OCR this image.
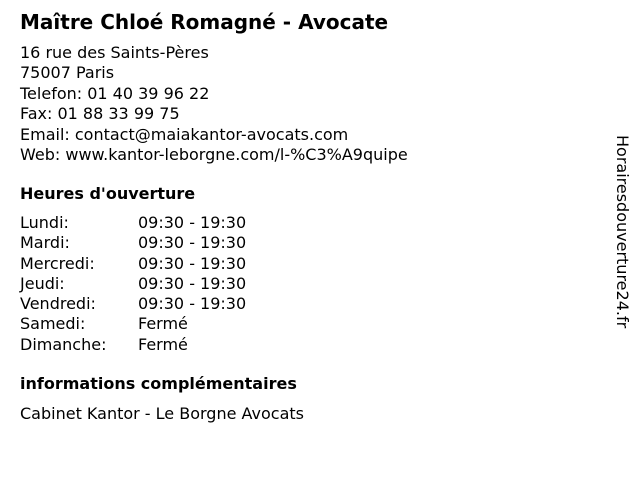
Maître Chloé Romagné - Avocate
16 rue des Saints-Pères
75007 Paris
Telefon: 01 40 39 96 22
Fax: 01 88 33 99 75
Email: contact@maiakantor-avocats.com
Web: www.kantor-leborgne.com/l-%C3%A9quipe
Heures d'ouverture
Lundi:	09:30 - 19:30
Mardi:	09:30 - 19:30
Mercredi:	09:30 - 19:30
Jeudi:	09:30 - 19:30
Vendredi:	09:30 - 19:30
Samedi:	Fermé
Dimanche:	Fermé
informations complémentaires
Cabinet Kantor - Le Borgne Avocats
Horairesdouverture24.fr
